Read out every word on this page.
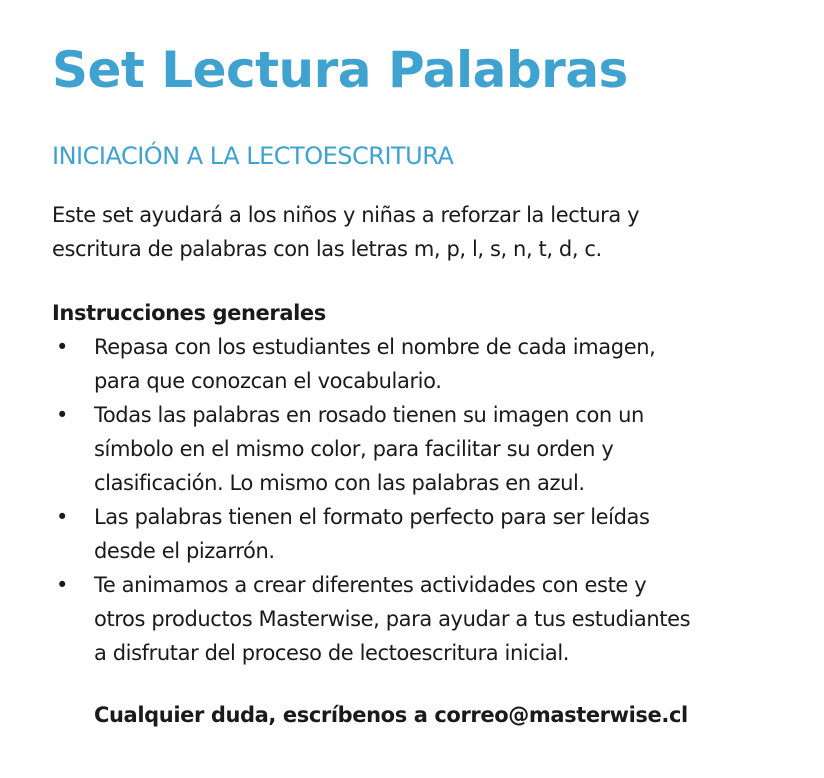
Set Lectura Palabras
INICIACIÓN A LA LECTOESCRITURA

Este set ayudará a los niños y niñas a reforzar la lectura y
escritura de palabras con las letras m, p, l, s, n, t, d, c.

Instrucciones generales
• Repasa con los estudiantes el nombre de cada imagen,
para que conozcan el vocabulario.
• Todas las palabras en rosado tienen su imagen con un
símbolo en el mismo color, para facilitar su orden y
clasificación. Lo mismo con las palabras en azul.
• Las palabras tienen el formato perfecto para ser leídas
desde el pizarrón.
• Te animamos a crear diferentes actividades con este y
otros productos Masterwise, para ayudar a tus estudiantes
a disfrutar del proceso de lectoescritura inicial.

Cualquier duda, escríbenos a correo@masterwise.cl
